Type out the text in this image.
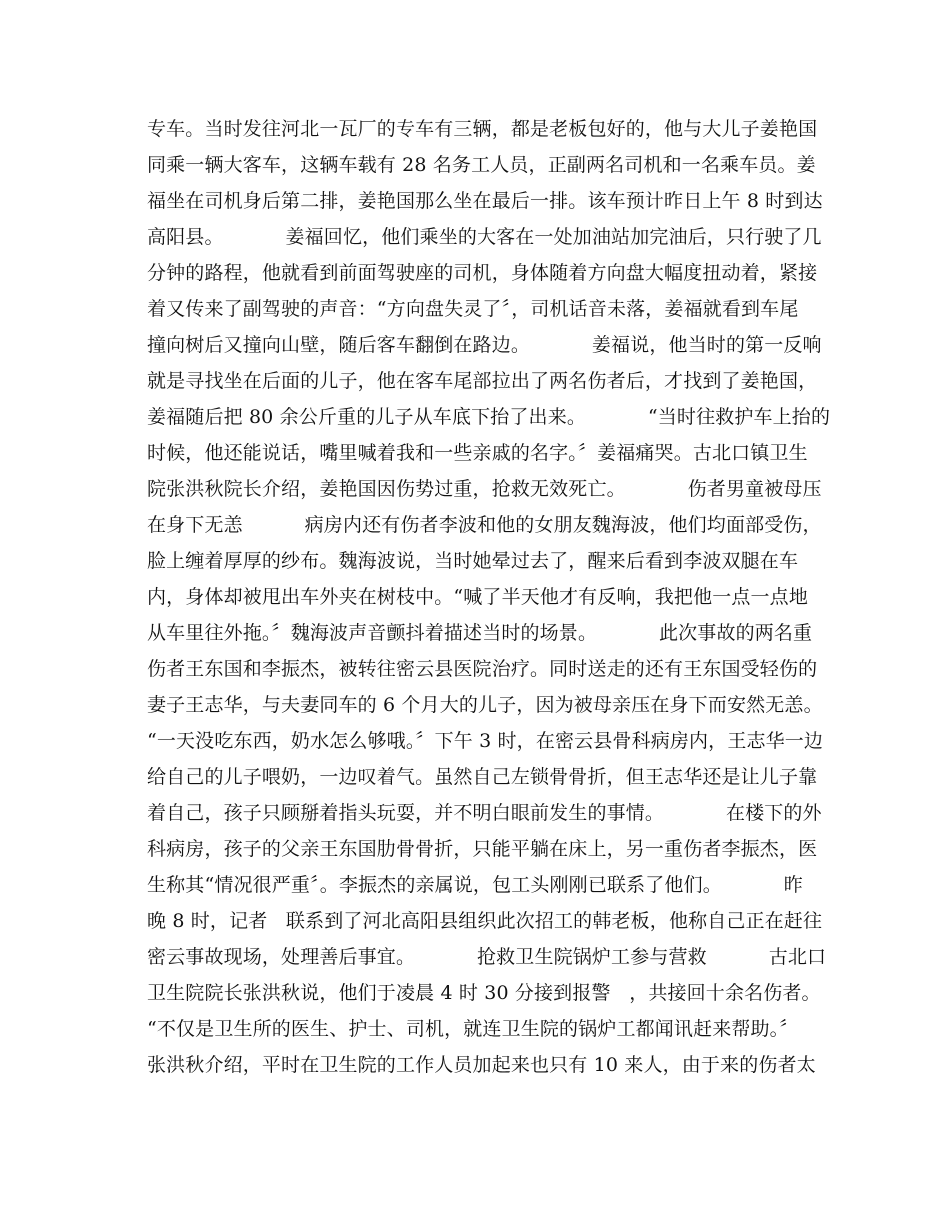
专车。当时发往河北一瓦厂的专车有三辆，都是老板包好的，他与大儿子姜艳国

同乘一辆大客车，这辆车载有 28 名务工人员，正副两名司机和一名乘车员。姜

福坐在司机身后第二排，姜艳国那么坐在最后一排。该车预计昨日上午 8 时到达

高阳县。          姜福回忆，他们乘坐的大客在一处加油站加完油后，只行驶了几

分钟的路程，他就看到前面驾驶座的司机，身体随着方向盘大幅度扭动着，紧接

着又传来了副驾驶的声音：“方向盘失灵了〞，司机话音未落，姜福就看到车尾

撞向树后又撞向山壁，随后客车翻倒在路边。          姜福说，他当时的第一反响

就是寻找坐在后面的儿子，他在客车尾部拉出了两名伤者后，才找到了姜艳国，

姜福随后把 80 余公斤重的儿子从车底下抬了出来。          “当时往救护车上抬的

时候，他还能说话，嘴里喊着我和一些亲戚的名字。〞姜福痛哭。古北口镇卫生

院张洪秋院长介绍，姜艳国因伤势过重，抢救无效死亡。          伤者男童被母压

在身下无恙          病房内还有伤者李波和他的女朋友魏海波，他们均面部受伤，

脸上缠着厚厚的纱布。魏海波说，当时她晕过去了，醒来后看到李波双腿在车

内，身体却被甩出车外夹在树枝中。“喊了半天他才有反响，我把他一点一点地

从车里往外拖。〞魏海波声音颤抖着描述当时的场景。          此次事故的两名重

伤者王东国和李振杰，被转往密云县医院治疗。同时送走的还有王东国受轻伤的

妻子王志华，与夫妻同车的 6 个月大的儿子，因为被母亲压在身下而安然无恙。

“一天没吃东西，奶水怎么够哦。〞下午 3 时，在密云县骨科病房内，王志华一边

给自己的儿子喂奶，一边叹着气。虽然自己左锁骨骨折，但王志华还是让儿子靠

着自己，孩子只顾掰着指头玩耍，并不明白眼前发生的事情。          在楼下的外

科病房，孩子的父亲王东国肋骨骨折，只能平躺在床上，另一重伤者李振杰，医

生称其“情况很严重〞。李振杰的亲属说，包工头刚刚已联系了他们。          昨

晚 8 时，记者   联系到了河北高阳县组织此次招工的韩老板，他称自己正在赶往

密云事故现场，处理善后事宜。          抢救卫生院锅炉工参与营救          古北口

卫生院院长张洪秋说，他们于凌晨 4 时 30 分接到报警   ，共接回十余名伤者。

“不仅是卫生所的医生、护士、司机，就连卫生院的锅炉工都闻讯赶来帮助。〞

张洪秋介绍，平时在卫生院的工作人员加起来也只有 10 来人，由于来的伤者太
